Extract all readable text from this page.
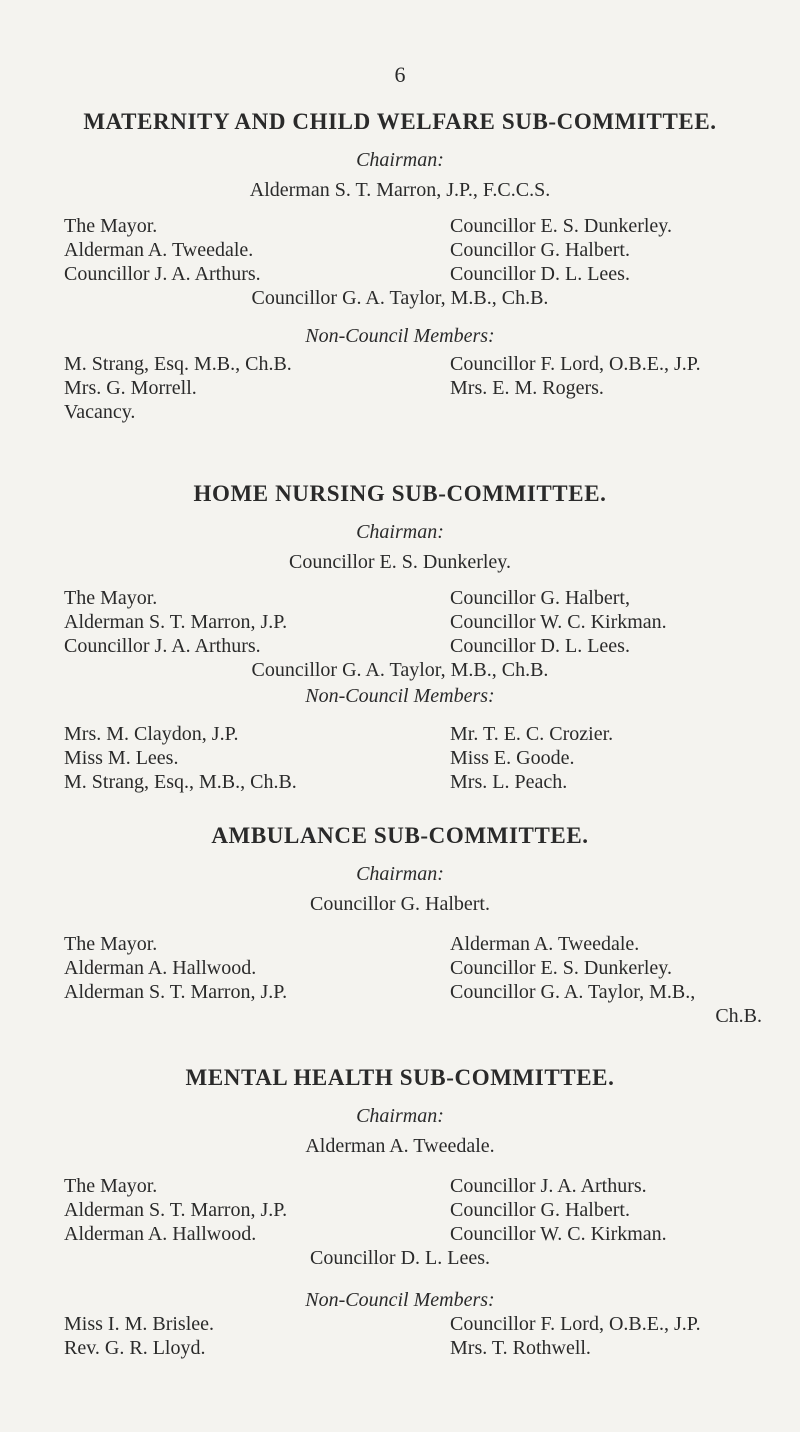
6
MATERNITY AND CHILD WELFARE SUB-COMMITTEE.
Chairman:
Alderman S. T. Marron, J.P., F.C.C.S.
The Mayor.	Councillor E. S. Dunkerley.
Alderman A. Tweedale.	Councillor G. Halbert.
Councillor J. A. Arthurs.	Councillor D. L. Lees.
Councillor G. A. Taylor, M.B., Ch.B.
Non-Council Members:
M. Strang, Esq. M.B., Ch.B.	Councillor F. Lord, O.B.E., J.P.
Mrs. G. Morrell.	Mrs. E. M. Rogers.
Vacancy.
HOME NURSING SUB-COMMITTEE.
Chairman:
Councillor E. S. Dunkerley.
The Mayor.	Councillor G. Halbert,
Alderman S. T. Marron, J.P.	Councillor W. C. Kirkman.
Councillor J. A. Arthurs.	Councillor D. L. Lees.
Councillor G. A. Taylor, M.B., Ch.B.
Non-Council Members:
Mrs. M. Claydon, J.P.	Mr. T. E. C. Crozier.
Miss M. Lees.	Miss E. Goode.
M. Strang, Esq., M.B., Ch.B.	Mrs. L. Peach.
AMBULANCE SUB-COMMITTEE.
Chairman:
Councillor G. Halbert.
The Mayor.	Alderman A. Tweedale.
Alderman A. Hallwood.	Councillor E. S. Dunkerley.
Alderman S. T. Marron, J.P.	Councillor G. A. Taylor, M.B.,
Ch.B.
MENTAL HEALTH SUB-COMMITTEE.
Chairman:
Alderman A. Tweedale.
The Mayor.	Councillor J. A. Arthurs.
Alderman S. T. Marron, J.P.	Councillor G. Halbert.
Alderman A. Hallwood.	Councillor W. C. Kirkman.
Councillor D. L. Lees.
Non-Council Members:
Miss I. M. Brislee.	Councillor F. Lord, O.B.E., J.P.
Rev. G. R. Lloyd.	Mrs. T. Rothwell.
